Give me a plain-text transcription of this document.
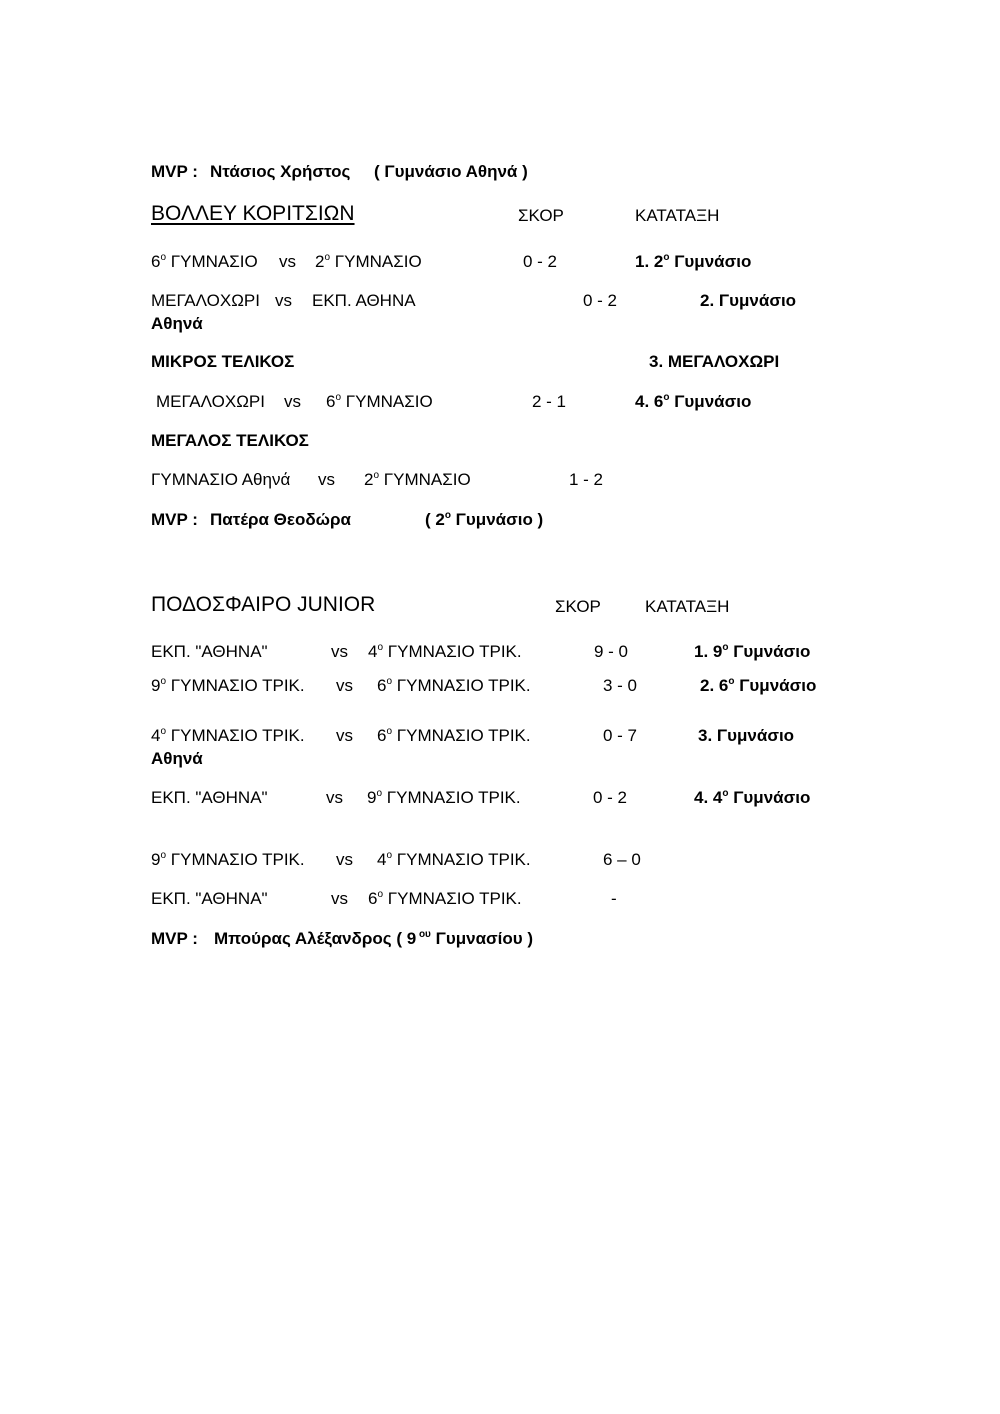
MVP : Ντάσιος Χρήστος ( Γυμνάσιο Αθηνά )
ΒΟΛΛΕΥ ΚΟΡΙΤΣΙΩΝ	ΣΚΟΡ	ΚΑΤΑΤΑΞΗ
$6^o$ ΓΥΜΝΑΣΙΟ vs $2^o$ ΓΥΜΝΑΣΙΟ	0 - 2	1. $2^o$ Γυμνάσιο
ΜΕΓΑΛΟΧΩΡΙ vs ΕΚΠ. ΑΘΗΝΑ	0 - 2	2. Γυμνάσιο
Αθηνά
ΜΙΚΡΟΣ ΤΕΛΙΚΟΣ	3. ΜΕΓΑΛΟΧΩΡΙ
ΜΕΓΑΛΟΧΩΡΙ vs $6^o$ ΓΥΜΝΑΣΙΟ	2 - 1	4. $6^o$ Γυμνάσιο
ΜΕΓΑΛΟΣ ΤΕΛΙΚΟΣ
ΓΥΜΝΑΣΙΟ Αθηνά vs $2^o$ ΓΥΜΝΑΣΙΟ	1 - 2
MVP : Πατέρα Θεοδώρα	( $2^o$ Γυμνάσιο )
ΠΟΔΟΣΦΑΙΡΟ JUNIOR	ΣΚΟΡ	ΚΑΤΑΤΑΞΗ
ΕΚΠ. "ΑΘΗΝΑ"	vs $4^o$ ΓΥΜΝΑΣΙΟ ΤΡΙΚ.	9 - 0	1. $9^o$ Γυμνάσιο
$9^o$ ΓΥΜΝΑΣΙΟ ΤΡΙΚ. vs $6^o$ ΓΥΜΝΑΣΙΟ ΤΡΙΚ.	3 - 0	2. $6^o$ Γυμνάσιο
$4^o$ ΓΥΜΝΑΣΙΟ ΤΡΙΚ. vs $6^o$ ΓΥΜΝΑΣΙΟ ΤΡΙΚ.	0 - 7	3. Γυμνάσιο
Αθηνά
ΕΚΠ. "ΑΘΗΝΑ"	vs $9^o$ ΓΥΜΝΑΣΙΟ ΤΡΙΚ.	0 - 2	4. $4^o$ Γυμνάσιο
$9^o$ ΓΥΜΝΑΣΙΟ ΤΡΙΚ. vs $4^o$ ΓΥΜΝΑΣΙΟ ΤΡΙΚ.	6 – 0
ΕΚΠ. "ΑΘΗΝΑ"	vs $6^o$ ΓΥΜΝΑΣΙΟ ΤΡΙΚ.	-
MVP : Μπούρας Αλέξανδρος ( 9 $^{o\upsilon}$ Γυμνασίου )
